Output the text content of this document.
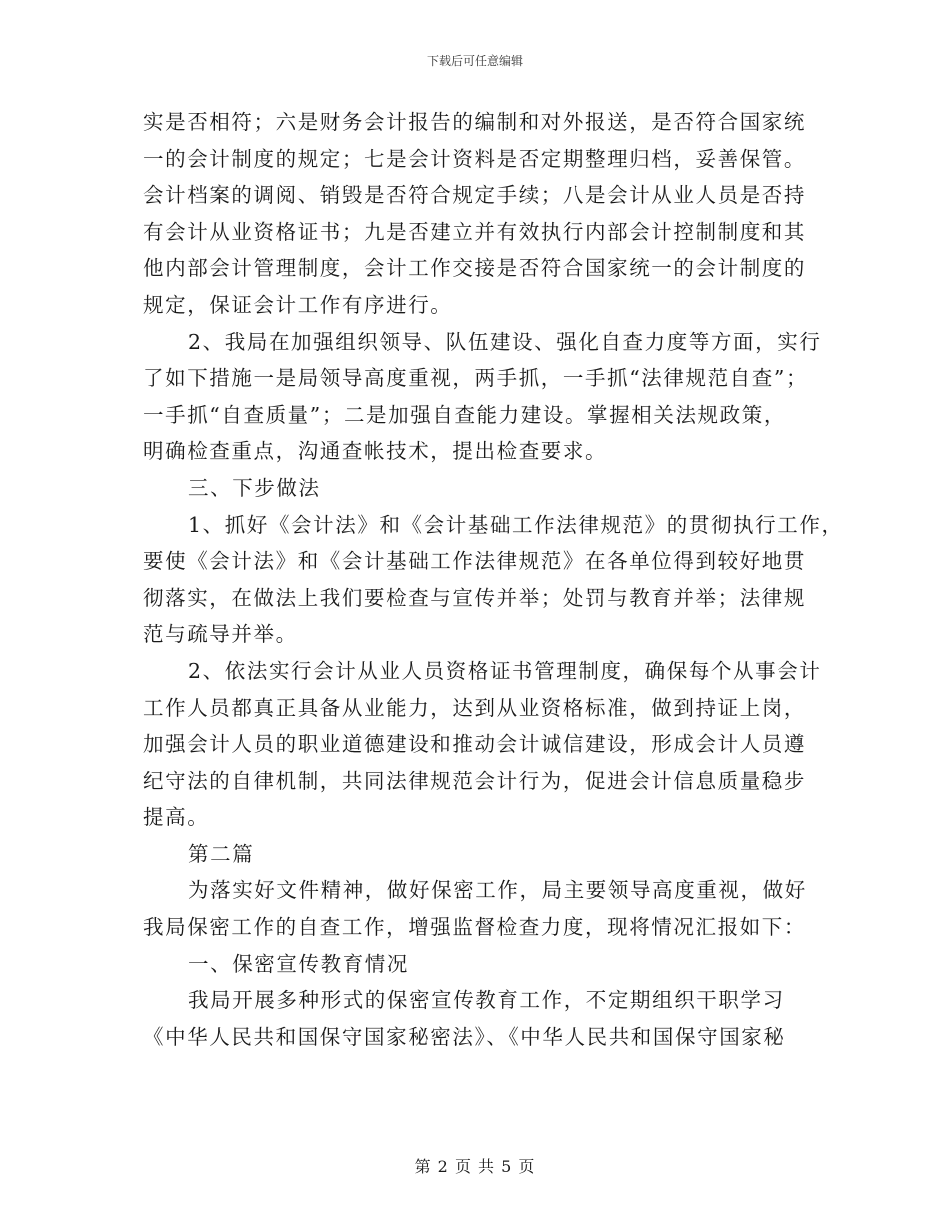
下载后可任意编辑
实是否相符；六是财务会计报告的编制和对外报送，是否符合国家统
一的会计制度的规定；七是会计资料是否定期整理归档，妥善保管。
会计档案的调阅、销毁是否符合规定手续；八是会计从业人员是否持
有会计从业资格证书；九是否建立并有效执行内部会计控制制度和其
他内部会计管理制度，会计工作交接是否符合国家统一的会计制度的
规定，保证会计工作有序进行。
2、我局在加强组织领导、队伍建设、强化自查力度等方面，实行
了如下措施一是局领导高度重视，两手抓，一手抓“法律规范自查”；
一手抓“自查质量”；二是加强自查能力建设。掌握相关法规政策，
明确检查重点，沟通查帐技术，提出检查要求。
三、下步做法
1、抓好《会计法》和《会计基础工作法律规范》的贯彻执行工作，
要使《会计法》和《会计基础工作法律规范》在各单位得到较好地贯
彻落实，在做法上我们要检查与宣传并举；处罚与教育并举；法律规
范与疏导并举。
2、依法实行会计从业人员资格证书管理制度，确保每个从事会计
工作人员都真正具备从业能力，达到从业资格标准，做到持证上岗，
加强会计人员的职业道德建设和推动会计诚信建设，形成会计人员遵
纪守法的自律机制，共同法律规范会计行为，促进会计信息质量稳步
提高。
第二篇
为落实好文件精神，做好保密工作，局主要领导高度重视，做好
我局保密工作的自查工作，增强监督检查力度，现将情况汇报如下：
一、保密宣传教育情况
我局开展多种形式的保密宣传教育工作，不定期组织干职学习
《中华人民共和国保守国家秘密法》、《中华人民共和国保守国家秘
第 2 页 共 5 页
